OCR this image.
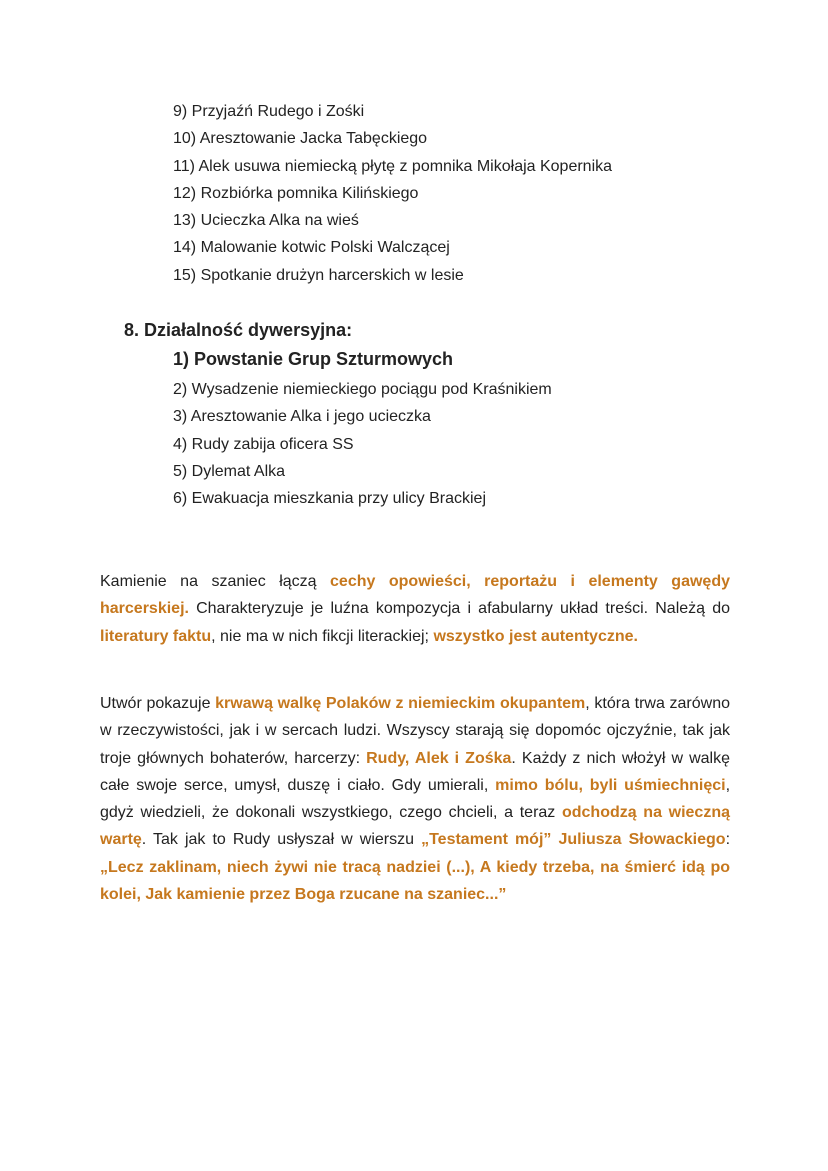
9) Przyjaźń Rudego i Zośki
10) Aresztowanie Jacka Tabęckiego
11) Alek usuwa niemiecką płytę z pomnika Mikołaja Kopernika
12) Rozbiórka pomnika Kilińskiego
13) Ucieczka Alka na wieś
14) Malowanie kotwic Polski Walczącej
15) Spotkanie drużyn harcerskich w lesie
8. Działalność dywersyjna:
1) Powstanie Grup Szturmowych
2) Wysadzenie niemieckiego pociągu pod Kraśnikiem
3) Aresztowanie Alka i jego ucieczka
4) Rudy zabija oficera SS
5) Dylemat Alka
6) Ewakuacja mieszkania przy ulicy Brackiej

Kamienie na szaniec łączą cechy opowieści, reportażu i elementy gawędy harcerskiej. Charakteryzuje je luźna kompozycja i afabularny układ treści. Należą do literatury faktu, nie ma w nich fikcji literackiej; wszystko jest autentyczne.

Utwór pokazuje krwawą walkę Polaków z niemieckim okupantem, która trwa zarówno w rzeczywistości, jak i w sercach ludzi. Wszyscy starają się dopomóc ojczyźnie, tak jak troje głównych bohaterów, harcerzy: Rudy, Alek i Zośka. Każdy z nich włożył w walkę całe swoje serce, umysł, duszę i ciało. Gdy umierali, mimo bólu, byli uśmiechnięci, gdyż wiedzieli, że dokonali wszystkiego, czego chcieli, a teraz odchodzą na wieczną wartę. Tak jak to Rudy usłyszał w wierszu „Testament mój” Juliusza Słowackiego: „Lecz zaklinam, niech żywi nie tracą nadziei (...), A kiedy trzeba, na śmierć idą po kolei, Jak kamienie przez Boga rzucane na szaniec...”
